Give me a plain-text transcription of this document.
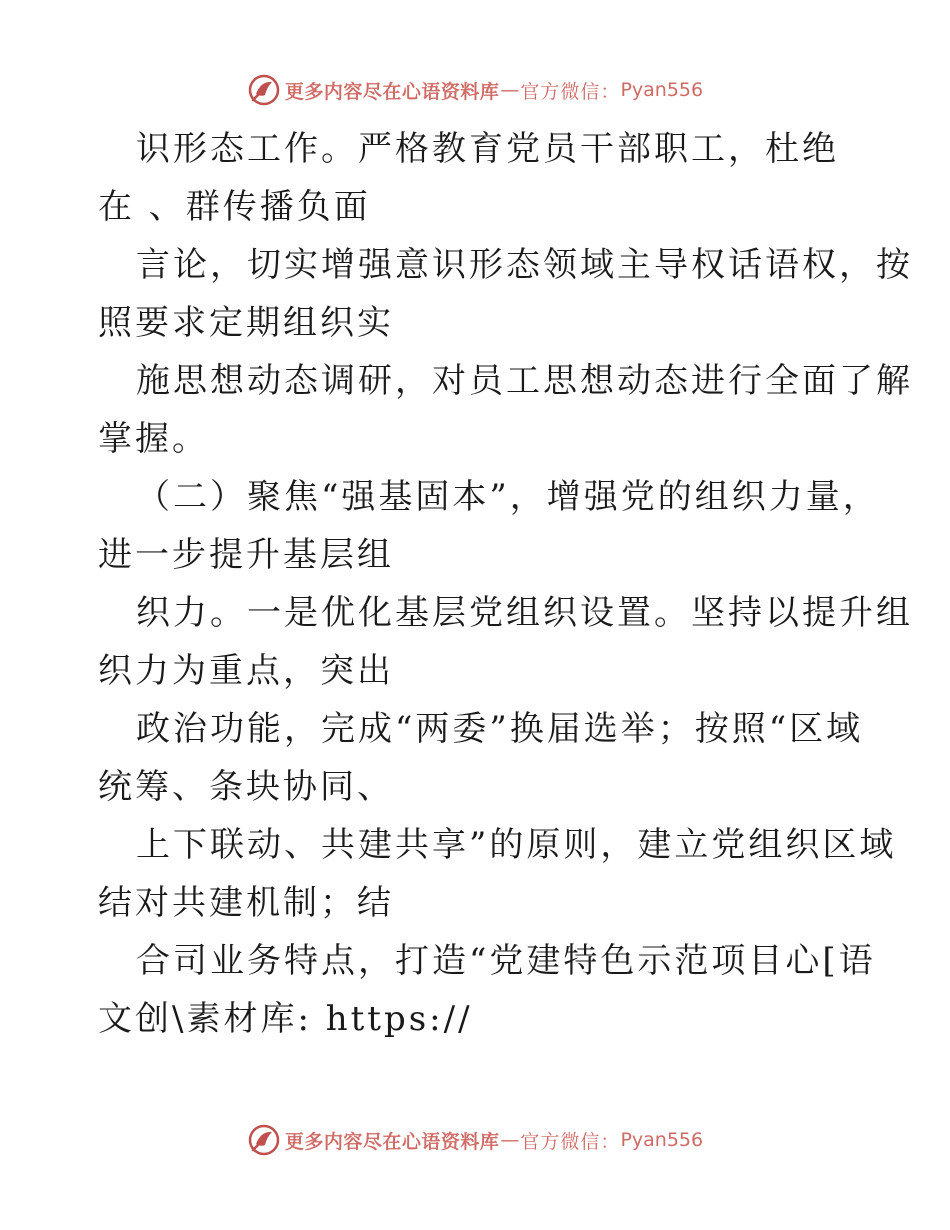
更多内容尽在心语资料库 — 官方微信： Pyan556
识形态工作。严格教育党员干部职工，杜绝
在 、群传播负面
言论，切实增强意识形态领域主导权话语权，按
照要求定期组织实
施思想动态调研，对员工思想动态进行全面了解
掌握。
（二）聚焦“强基固本”，增强党的组织力量，
进一步提升基层组
织力。一是优化基层党组织设置。坚持以提升组
织力为重点，突出
政治功能，完成“两委”换届选举；按照“区域
统筹、条块协同、
上下联动、共建共享”的原则，建立党组织区域
结对共建机制；结
合司业务特点，打造“党建特色示范项目心[语
文创\素材库: https://
更多内容尽在心语资料库 — 官方微信： Pyan556
